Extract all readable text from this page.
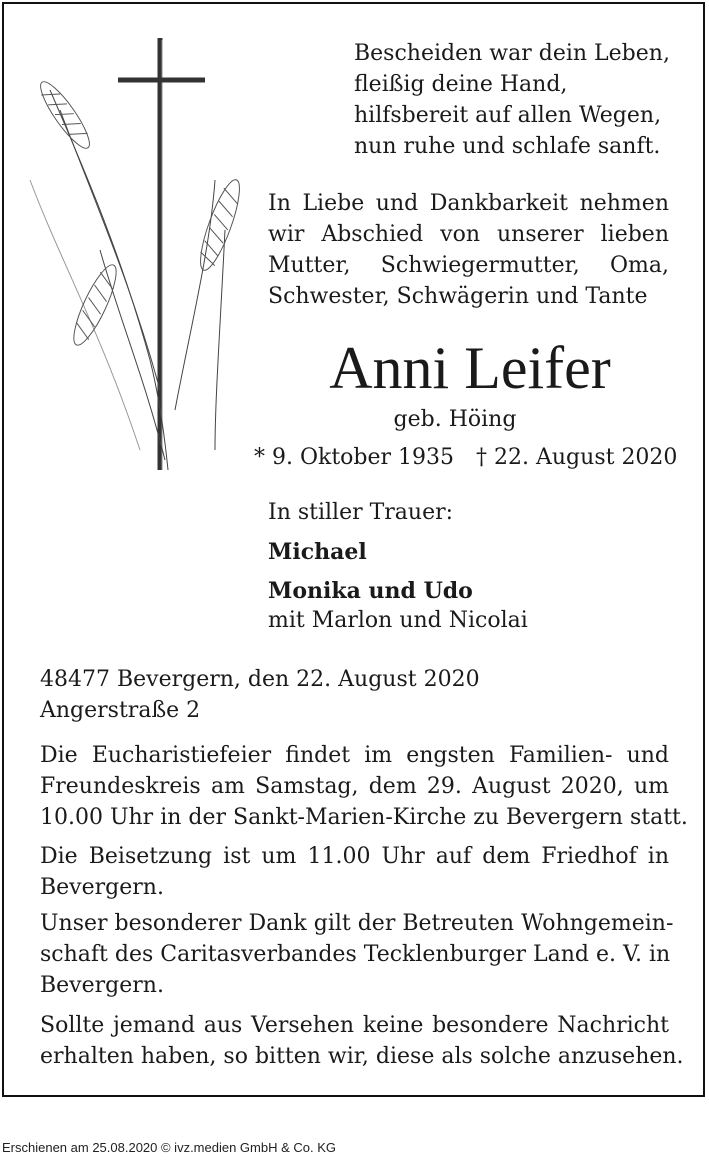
Bescheiden war dein Leben,
fleißig deine Hand,
hilfsbereit auf allen Wegen,
nun ruhe und schlafe sanft.
In Liebe und Dankbarkeit nehmen
wir Abschied von unserer lieben
Mutter, Schwiegermutter, Oma,
Schwester, Schwägerin und Tante
Anni Leifer
geb. Höing
* 9. Oktober 1935 † 22. August 2020
In stiller Trauer:
Michael
Monika und Udo
mit Marlon und Nicolai
48477 Bevergern, den 22. August 2020
Angerstraße 2
Die Eucharistiefeier findet im engsten Familien- und
Freundeskreis am Samstag, dem 29. August 2020, um
10.00 Uhr in der Sankt-Marien-Kirche zu Bevergern statt.
Die Beisetzung ist um 11.00 Uhr auf dem Friedhof in
Bevergern.
Unser besonderer Dank gilt der Betreuten Wohngemein-
schaft des Caritasverbandes Tecklenburger Land e. V. in
Bevergern.
Sollte jemand aus Versehen keine besondere Nachricht
erhalten haben, so bitten wir, diese als solche anzusehen.
Erschienen am 25.08.2020 © ivz.medien GmbH & Co. KG
